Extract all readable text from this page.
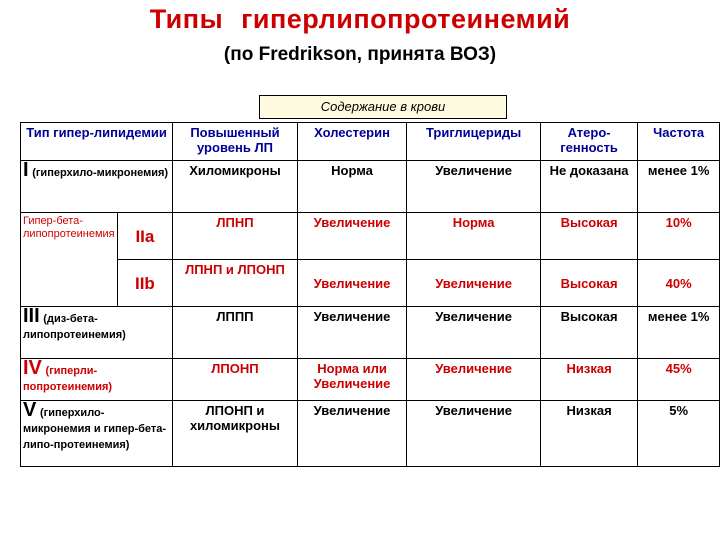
Типы гиперлипопротеинемий
(по Fredrikson, принята ВОЗ)
Содержание в крови
Тип гипер-липидемии		Повышенный уровень ЛП	Холестерин	Триглицериды	Атеро-генность	Частота
I (гиперхило-микронемия)		Хиломикроны	Норма	Увеличение	Не доказана	менее 1%
Гипер-бета-липопротеинемия	IIa	ЛПНП	Увеличение	Норма	Высокая	10%
	IIb	ЛПНП и ЛПОНП	Увеличение	Увеличение	Высокая	40%
III (диз-бета-липопротеинемия)		ЛППП	Увеличение	Увеличение	Высокая	менее 1%
IV (гиперли-попротеинемия)		ЛПОНП	Норма или Увеличение	Увеличение	Низкая	45%
V (гиперхило-микронемия и гипер-бета-липо-протеинемия)		ЛПОНП и хиломикроны	Увеличение	Увеличение	Низкая	5%
